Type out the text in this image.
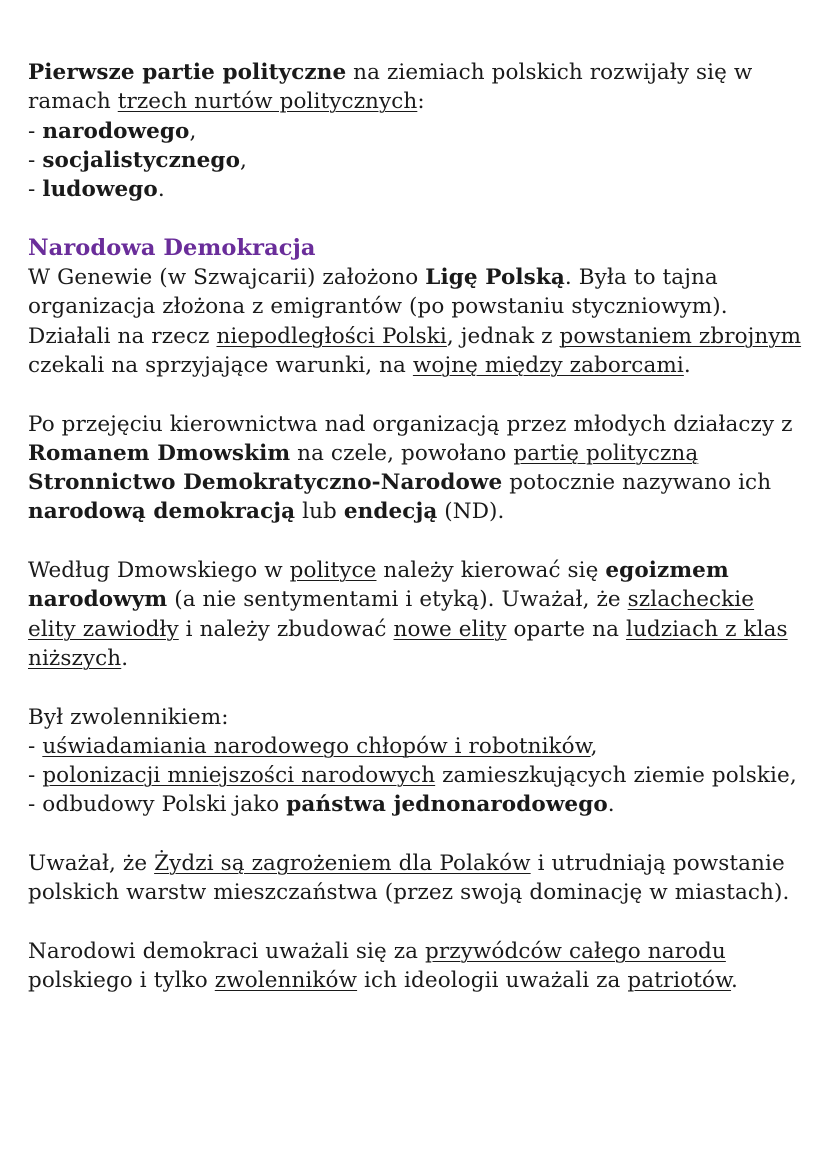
Pierwsze partie polityczne na ziemiach polskich rozwijały się w ramach trzech nurtów politycznych:

- narodowego,

- socjalistycznego,

- ludowego.

Narodowa Demokracja

W Genewie (w Szwajcarii) założono Ligę Polską. Była to tajna organizacja złożona z emigrantów (po powstaniu styczniowym). Działali na rzecz niepodległości Polski, jednak z powstaniem zbrojnym czekali na sprzyjające warunki, na wojnę między zaborcami.

Po przejęciu kierownictwa nad organizacją przez młodych działaczy z Romanem Dmowskim na czele, powołano partię polityczną Stronnictwo Demokratyczno-Narodowe potocznie nazywano ich narodową demokracją lub endecją (ND).

Według Dmowskiego w polityce należy kierować się egoizmem narodowym (a nie sentymentami i etyką). Uważał, że szlacheckie elity zawiodły i należy zbudować nowe elity oparte na ludziach z klas niższych.

Był zwolennikiem:

- uświadamiania narodowego chłopów i robotników,

- polonizacji mniejszości narodowych zamieszkujących ziemie polskie,

- odbudowy Polski jako państwa jednonarodowego.

Uważał, że Żydzi są zagrożeniem dla Polaków i utrudniają powstanie polskich warstw mieszczaństwa (przez swoją dominację w miastach).

Narodowi demokraci uważali się za przywódców całego narodu polskiego i tylko zwolenników ich ideologii uważali za patriotów.
